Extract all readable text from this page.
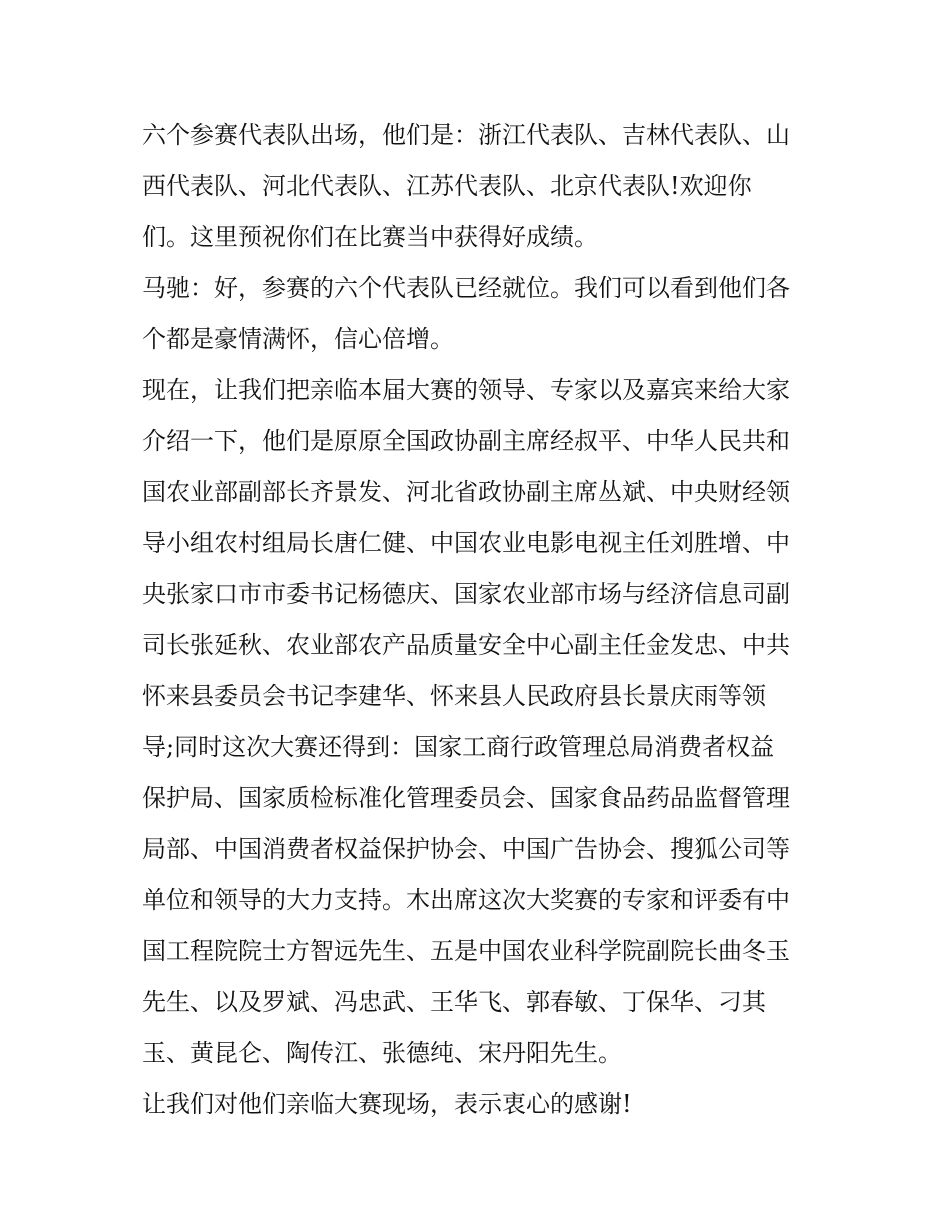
六个参赛代表队出场，他们是：浙江代表队、吉林代表队、山
西代表队、河北代表队、江苏代表队、北京代表队!欢迎你
们。这里预祝你们在比赛当中获得好成绩。
马驰：好，参赛的六个代表队已经就位。我们可以看到他们各
个都是豪情满怀，信心倍增。
现在，让我们把亲临本届大赛的领导、专家以及嘉宾来给大家
介绍一下，他们是原原全国政协副主席经叔平、中华人民共和
国农业部副部长齐景发、河北省政协副主席丛斌、中央财经领
导小组农村组局长唐仁健、中国农业电影电视主任刘胜增、中
央张家口市市委书记杨德庆、国家农业部市场与经济信息司副
司长张延秋、农业部农产品质量安全中心副主任金发忠、中共
怀来县委员会书记李建华、怀来县人民政府县长景庆雨等领
导;同时这次大赛还得到：国家工商行政管理总局消费者权益
保护局、国家质检标准化管理委员会、国家食品药品监督管理
局部、中国消费者权益保护协会、中国广告协会、搜狐公司等
单位和领导的大力支持。木出席这次大奖赛的专家和评委有中
国工程院院士方智远先生、五是中国农业科学院副院长曲冬玉
先生、以及罗斌、冯忠武、王华飞、郭春敏、丁保华、刁其
玉、黄昆仑、陶传江、张德纯、宋丹阳先生。
让我们对他们亲临大赛现场，表示衷心的感谢!
